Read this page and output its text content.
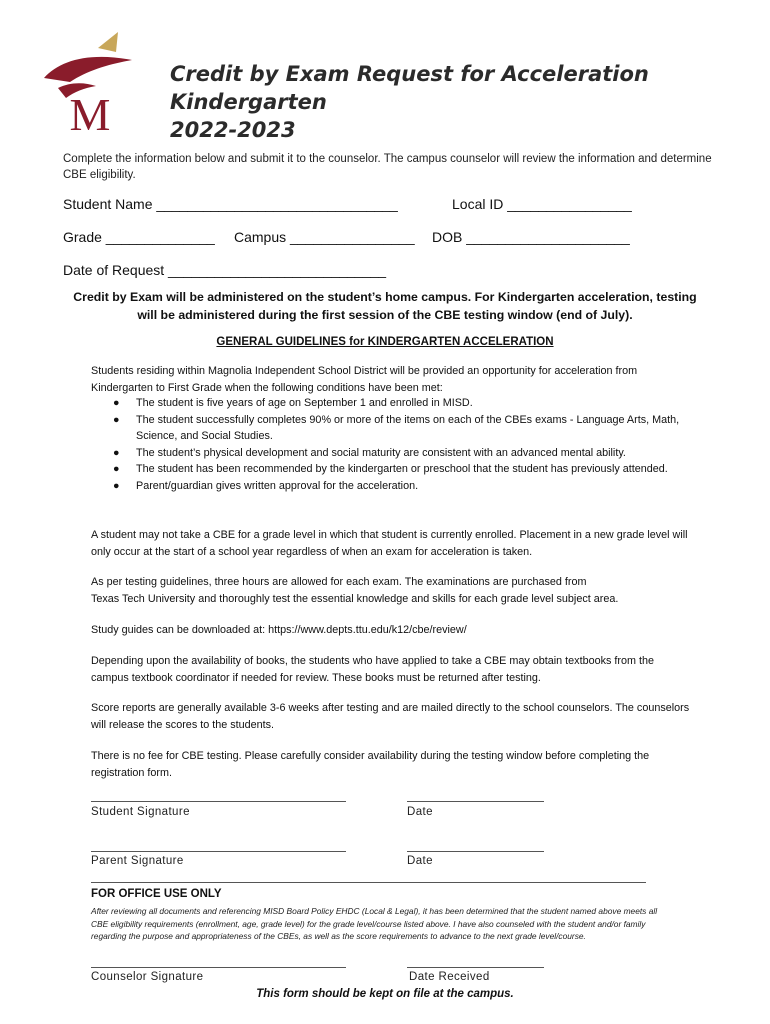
M
Credit by Exam Request for Acceleration
Kindergarten
2022-2023
Complete the information below and submit it to the counselor. The campus counselor will review the information and determine CBE eligibility.
Student Name _______________________________	Local ID ________________
Grade ______________ Campus ________________ DOB _____________________
Date of Request ____________________________
Credit by Exam will be administered on the student’s home campus. For Kindergarten acceleration, testing will be administered during the first session of the CBE testing window (end of July).
GENERAL GUIDELINES for KINDERGARTEN ACCELERATION
Students residing within Magnolia Independent School District will be provided an opportunity for acceleration from Kindergarten to First Grade when the following conditions have been met:
● The student is five years of age on September 1 and enrolled in MISD.
● The student successfully completes 90% or more of the items on each of the CBEs exams - Language Arts, Math, Science, and Social Studies.
● The student’s physical development and social maturity are consistent with an advanced mental ability.
● The student has been recommended by the kindergarten or preschool that the student has previously attended.
● Parent/guardian gives written approval for the acceleration.
A student may not take a CBE for a grade level in which that student is currently enrolled. Placement in a new grade level will only occur at the start of a school year regardless of when an exam for acceleration is taken.
As per testing guidelines, three hours are allowed for each exam. The examinations are purchased from
Texas Tech University and thoroughly test the essential knowledge and skills for each grade level subject area.
Study guides can be downloaded at: https://www.depts.ttu.edu/k12/cbe/review/
Depending upon the availability of books, the students who have applied to take a CBE may obtain textbooks from the campus textbook coordinator if needed for review. These books must be returned after testing.
Score reports are generally available 3-6 weeks after testing and are mailed directly to the school counselors. The counselors will release the scores to the students.
There is no fee for CBE testing. Please carefully consider availability during the testing window before completing the registration form.
Student Signature	Date
Parent Signature	Date
FOR OFFICE USE ONLY
After reviewing all documents and referencing MISD Board Policy EHDC (Local & Legal), it has been determined that the student named above meets all CBE eligibility requirements (enrollment, age, grade level) for the grade level/course listed above. I have also counseled with the student and/or family regarding the purpose and appropriateness of the CBEs, as well as the score requirements to advance to the next grade level/course.
Counselor Signature	Date Received
This form should be kept on file at the campus.
